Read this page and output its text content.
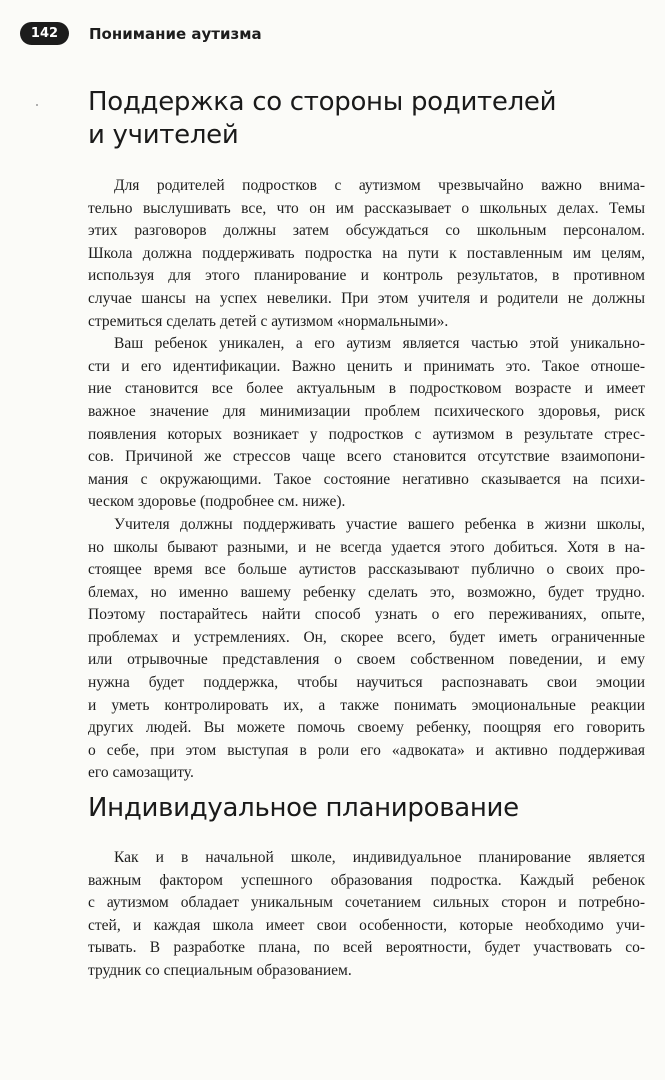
142	Понимание аутизма
Поддержка со стороны родителей
и учителей
Для родителей подростков с аутизмом чрезвычайно важно внима-
тельно выслушивать все, что он им рассказывает о школьных делах. Темы
этих разговоров должны затем обсуждаться со школьным персоналом.
Школа должна поддерживать подростка на пути к поставленным им целям,
используя для этого планирование и контроль результатов, в противном
случае шансы на успех невелики. При этом учителя и родители не должны
стремиться сделать детей с аутизмом «нормальными».
Ваш ребенок уникален, а его аутизм является частью этой уникально-
сти и его идентификации. Важно ценить и принимать это. Такое отноше-
ние становится все более актуальным в подростковом возрасте и имеет
важное значение для минимизации проблем психического здоровья, риск
появления которых возникает у подростков с аутизмом в результате стрес-
сов. Причиной же стрессов чаще всего становится отсутствие взаимопони-
мания с окружающими. Такое состояние негативно сказывается на психи-
ческом здоровье (подробнее см. ниже).
Учителя должны поддерживать участие вашего ребенка в жизни школы,
но школы бывают разными, и не всегда удается этого добиться. Хотя в на-
стоящее время все больше аутистов рассказывают публично о своих про-
блемах, но именно вашему ребенку сделать это, возможно, будет трудно.
Поэтому постарайтесь найти способ узнать о его переживаниях, опыте,
проблемах и устремлениях. Он, скорее всего, будет иметь ограниченные
или отрывочные представления о своем собственном поведении, и ему
нужна будет поддержка, чтобы научиться распознавать свои эмоции
и уметь контролировать их, а также понимать эмоциональные реакции
других людей. Вы можете помочь своему ребенку, поощряя его говорить
о себе, при этом выступая в роли его «адвоката» и активно поддерживая
его самозащиту.
Индивидуальное планирование
Как и в начальной школе, индивидуальное планирование является
важным фактором успешного образования подростка. Каждый ребенок
с аутизмом обладает уникальным сочетанием сильных сторон и потребно-
стей, и каждая школа имеет свои особенности, которые необходимо учи-
тывать. В разработке плана, по всей вероятности, будет участвовать со-
трудник со специальным образованием.
